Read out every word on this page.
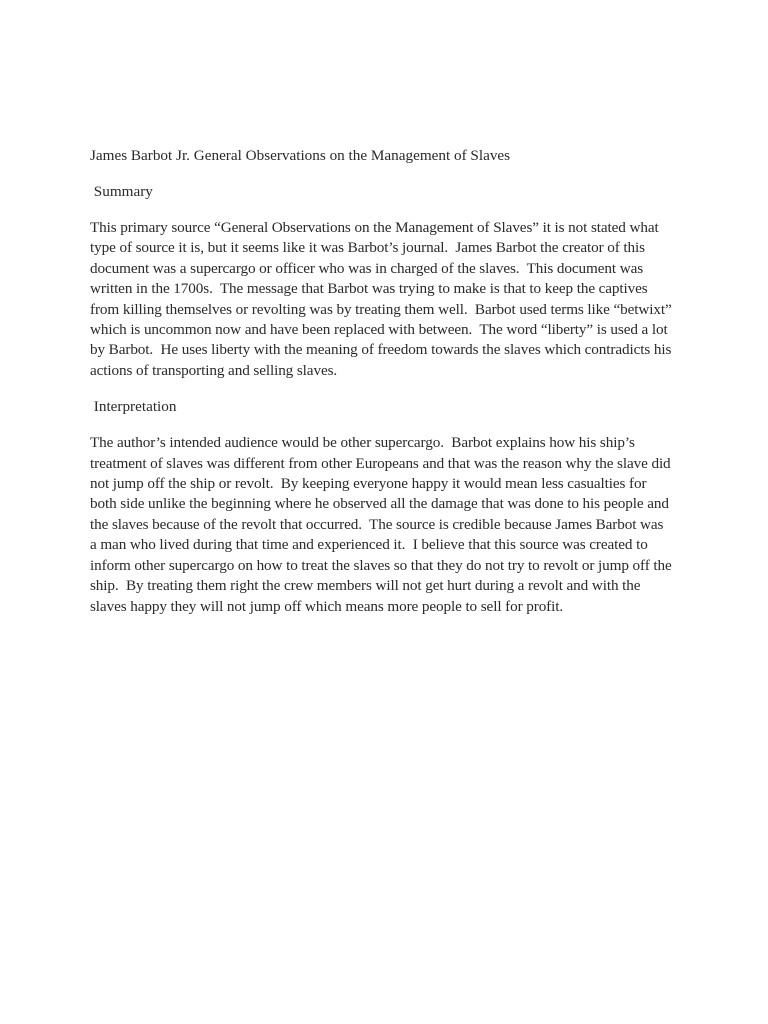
James Barbot Jr. General Observations on the Management of Slaves
Summary
This primary source “General Observations on the Management of Slaves” it is not stated what
type of source it is, but it seems like it was Barbot’s journal.  James Barbot the creator of this
document was a supercargo or officer who was in charged of the slaves.  This document was
written in the 1700s.  The message that Barbot was trying to make is that to keep the captives
from killing themselves or revolting was by treating them well.  Barbot used terms like “betwixt”
which is uncommon now and have been replaced with between.  The word “liberty” is used a lot
by Barbot.  He uses liberty with the meaning of freedom towards the slaves which contradicts his
actions of transporting and selling slaves.
Interpretation
The author’s intended audience would be other supercargo.  Barbot explains how his ship’s
treatment of slaves was different from other Europeans and that was the reason why the slave did
not jump off the ship or revolt.  By keeping everyone happy it would mean less casualties for
both side unlike the beginning where he observed all the damage that was done to his people and
the slaves because of the revolt that occurred.  The source is credible because James Barbot was
a man who lived during that time and experienced it.  I believe that this source was created to
inform other supercargo on how to treat the slaves so that they do not try to revolt or jump off the
ship.  By treating them right the crew members will not get hurt during a revolt and with the
slaves happy they will not jump off which means more people to sell for profit.
